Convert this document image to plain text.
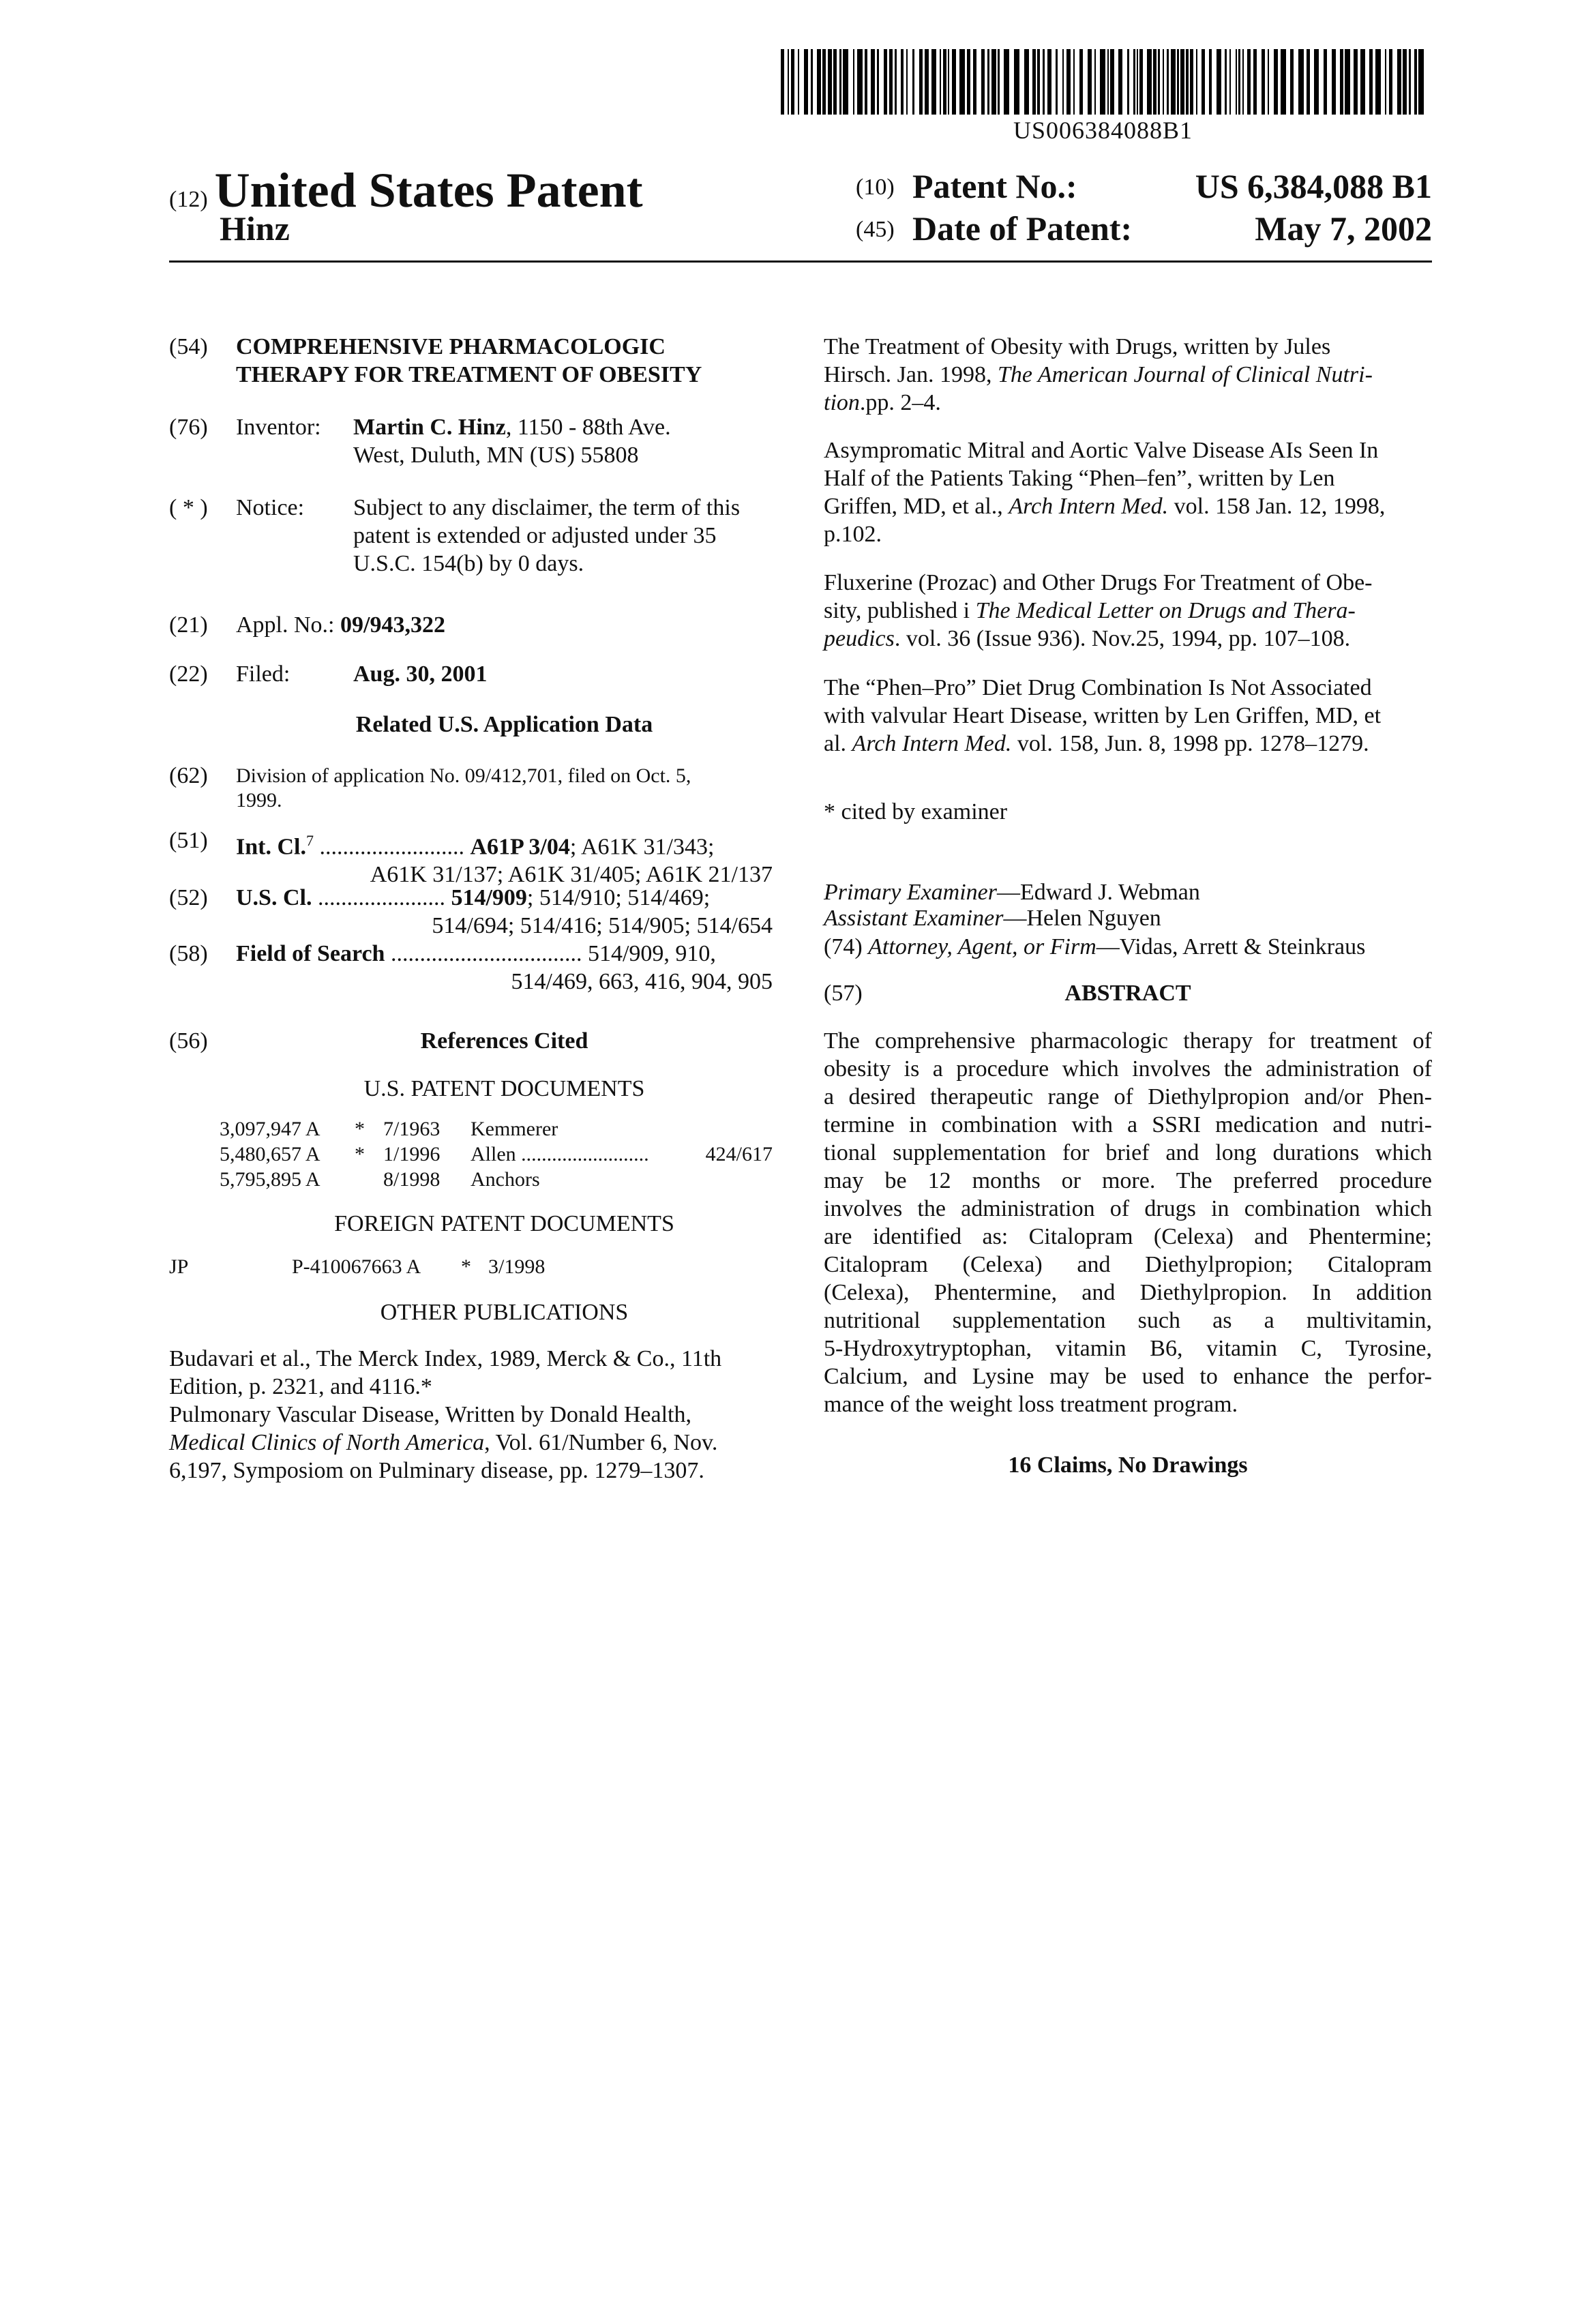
US006384088B1
(12) United States Patent
Hinz
(10) Patent No.:	US 6,384,088 B1
(45) Date of Patent:	May 7, 2002
(54) COMPREHENSIVE PHARMACOLOGIC
THERAPY FOR TREATMENT OF OBESITY
(76) Inventor: Martin C. Hinz, 1150 - 88th Ave.
West, Duluth, MN (US) 55808
( * ) Notice: Subject to any disclaimer, the term of this
patent is extended or adjusted under 35
U.S.C. 154(b) by 0 days.
(21) Appl. No.: 09/943,322
(22) Filed:	Aug. 30, 2001
Related U.S. Application Data
(62) Division of application No. 09/412,701, filed on Oct. 5,
1999.
(51) Int. Cl.$^7$ ......................... A61P 3/04; A61K 31/343;
A61K 31/137; A61K 31/405; A61K 21/137
(52) U.S. Cl. ...................... 514/909; 514/910; 514/469;
514/694; 514/416; 514/905; 514/654
(58) Field of Search ................................. 514/909, 910,
514/469, 663, 416, 904, 905
(56)	References Cited
U.S. PATENT DOCUMENTS
3,097,947 A * 7/1963 Kemmerer
5,480,657 A * 1/1996 Allen .........................	424/617
5,795,895 A	8/1998 Anchors
FOREIGN PATENT DOCUMENTS
JP	P-410067663 A * 3/1998
OTHER PUBLICATIONS
Budavari et al., The Merck Index, 1989, Merck & Co., 11th
Edition, p. 2321, and 4116.*
Pulmonary Vascular Disease, Written by Donald Health,
Medical Clinics of North America, Vol. 61/Number 6, Nov.
6,197, Symposiom on Pulminary disease, pp. 1279–1307.
The Treatment of Obesity with Drugs, written by Jules
Hirsch. Jan. 1998, The American Journal of Clinical Nutri-
tion.pp. 2–4.
Asympromatic Mitral and Aortic Valve Disease AIs Seen In
Half of the Patients Taking “Phen–fen”, written by Len
Griffen, MD, et al., Arch Intern Med. vol. 158 Jan. 12, 1998,
p.102.
Fluxerine (Prozac) and Other Drugs For Treatment of Obe-
sity, published i The Medical Letter on Drugs and Thera-
peudics. vol. 36 (Issue 936). Nov.25, 1994, pp. 107–108.
The “Phen–Pro” Diet Drug Combination Is Not Associated
with valvular Heart Disease, written by Len Griffen, MD, et
al. Arch Intern Med. vol. 158, Jun. 8, 1998 pp. 1278–1279.
* cited by examiner
Primary Examiner—Edward J. Webman
Assistant Examiner—Helen Nguyen
(74) Attorney, Agent, or Firm—Vidas, Arrett & Steinkraus
(57)	ABSTRACT
The comprehensive pharmacologic therapy for treatment of
obesity is a procedure which involves the administration of
a desired therapeutic range of Diethylpropion and/or Phen-
termine in combination with a SSRI medication and nutri-
tional supplementation for brief and long durations which
may be 12 months or more. The preferred procedure
involves the administration of drugs in combination which
are identified as: Citalopram (Celexa) and Phentermine;
Citalopram (Celexa) and Diethylpropion; Citalopram
(Celexa), Phentermine, and Diethylpropion. In addition
nutritional supplementation such as a multivitamin,
5-Hydroxytryptophan, vitamin B6, vitamin C, Tyrosine,
Calcium, and Lysine may be used to enhance the perfor-
mance of the weight loss treatment program.
16 Claims, No Drawings
